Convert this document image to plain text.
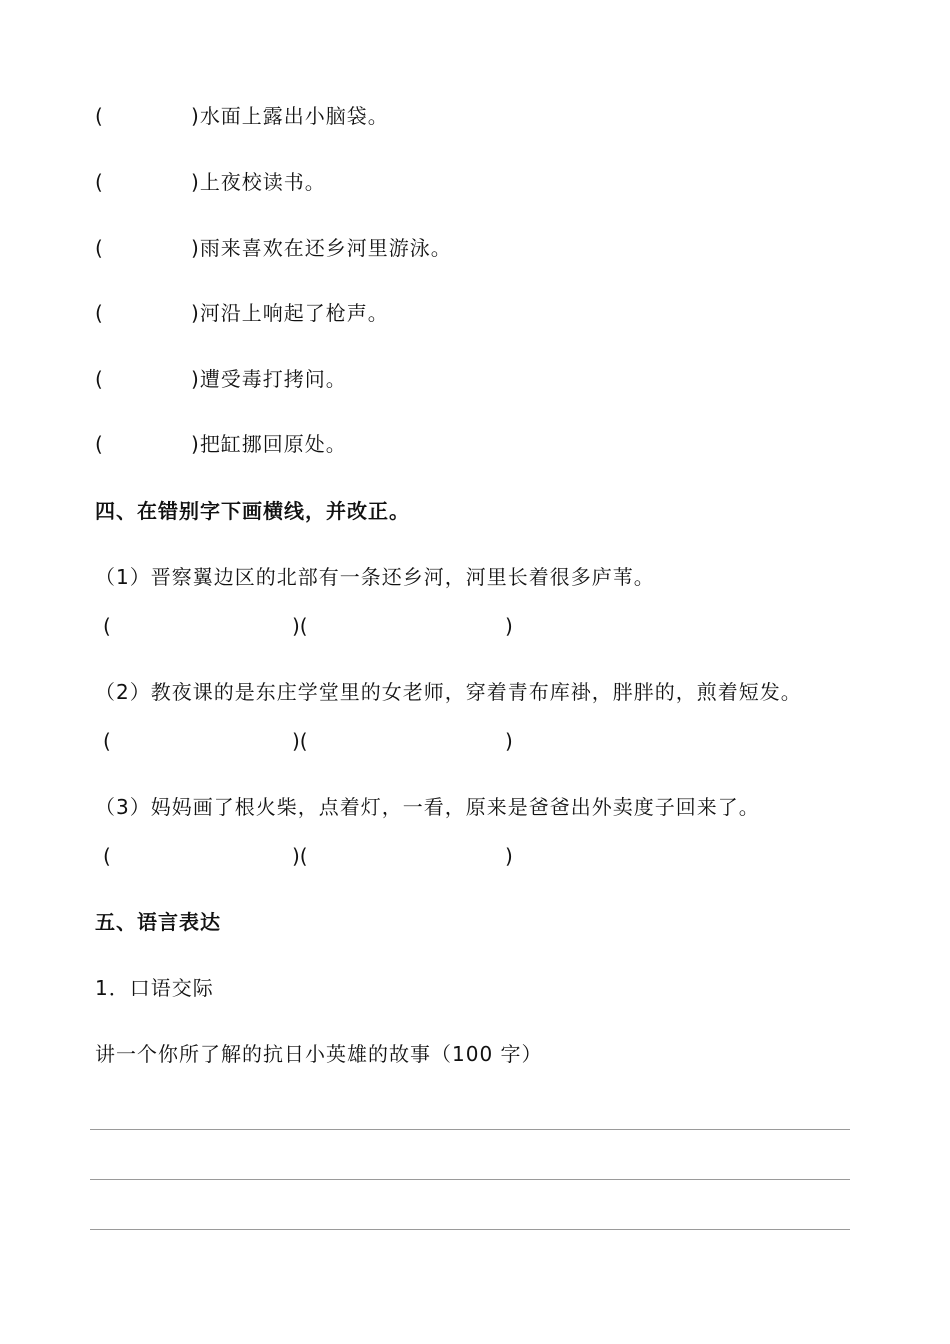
(	)水面上露出小脑袋。
(	)上夜校读书。
(	)雨来喜欢在还乡河里游泳。
(	)河沿上响起了枪声。
(	)遭受毒打拷问。
(	)把缸挪回原处。
四、在错别字下画横线，并改正。
（1）晋察翼边区的北部有一条还乡河，河里长着很多庐苇。
(	)(	)
（2）教夜课的是东庄学堂里的女老师，穿着青布库褂，胖胖的，煎着短发。
(	)(	)
（3）妈妈画了根火柴，点着灯，一看，原来是爸爸出外卖度子回来了。
(	)(	)
五、语言表达
1．口语交际
讲一个你所了解的抗日小英雄的故事（100 字）
